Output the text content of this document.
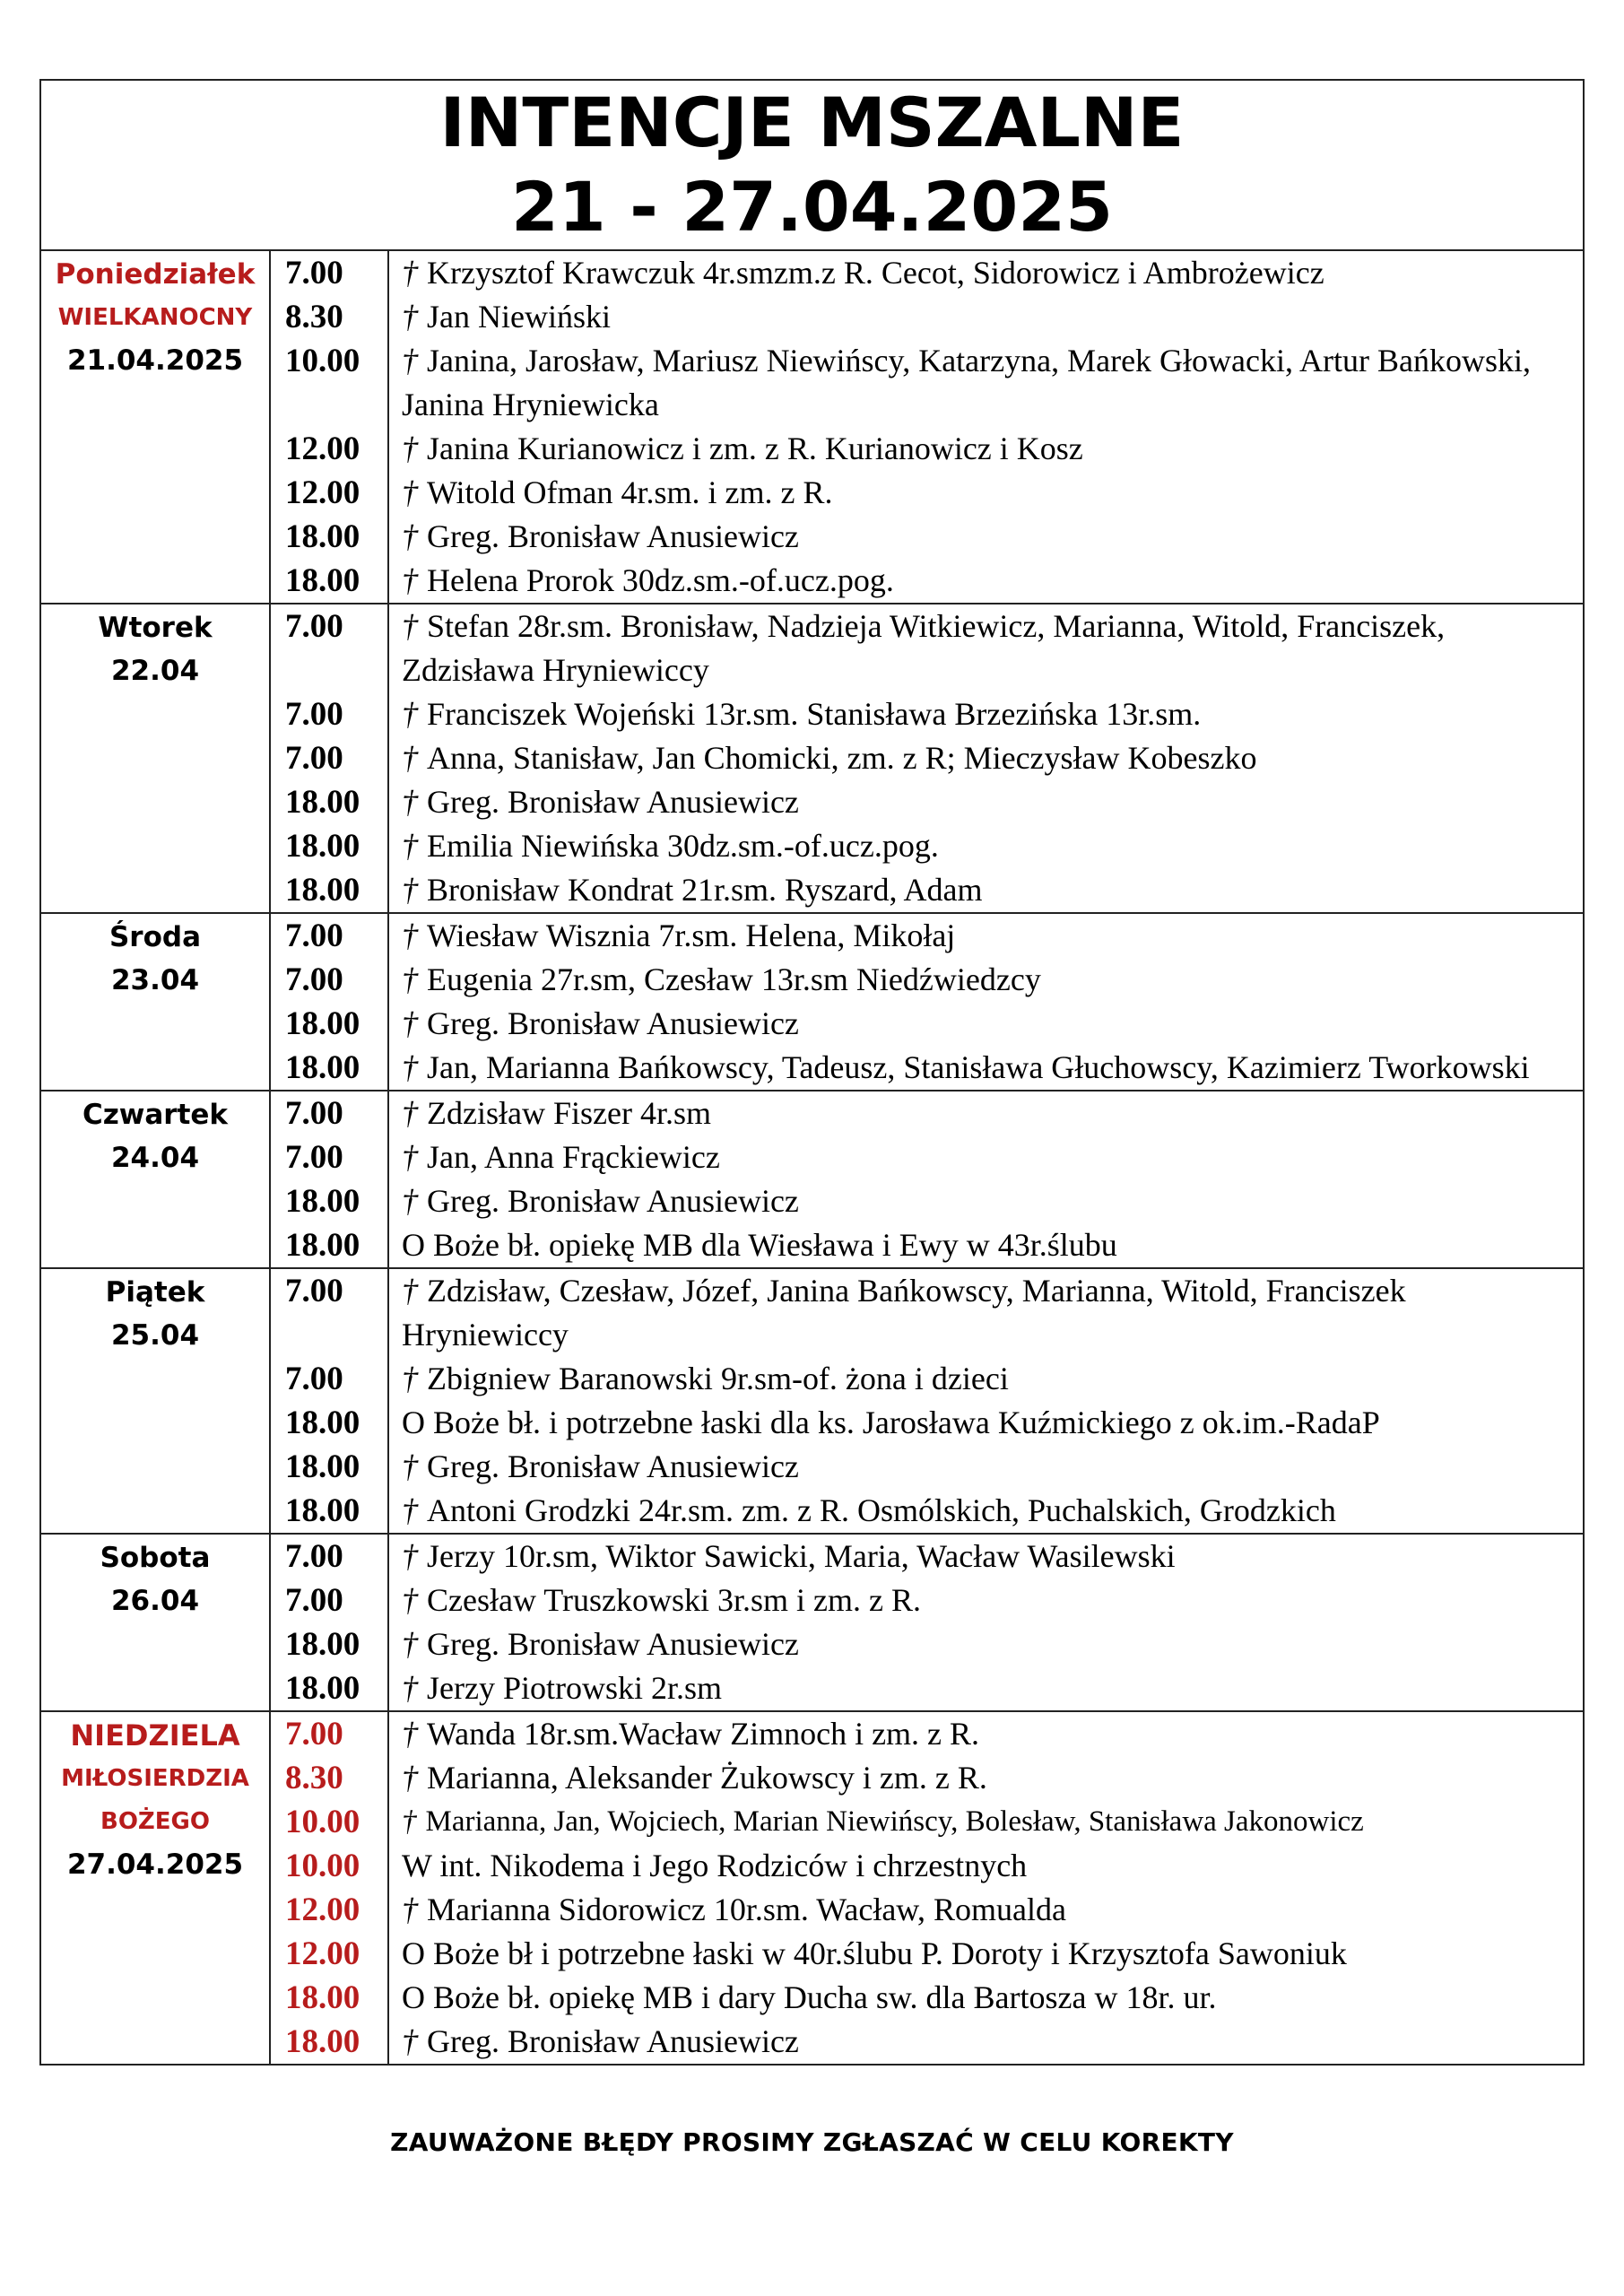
INTENCJE MSZALNE
21 - 27.04.2025
Poniedziałek
WIELKANOCNY
21.04.2025	7.00	† Krzysztof Krawczuk 4r.smzm.z R. Cecot, Sidorowicz i Ambrożewicz
	8.30	† Jan Niewiński
	10.00	† Janina, Jarosław, Mariusz Niewińscy, Katarzyna, Marek Głowacki, Artur Bańkowski, Janina Hryniewicka
	12.00	† Janina Kurianowicz i zm. z R. Kurianowicz i Kosz
	12.00	† Witold Ofman 4r.sm. i zm. z R.
	18.00	† Greg. Bronisław Anusiewicz
	18.00	† Helena Prorok 30dz.sm.-of.ucz.pog.

Wtorek
22.04	7.00	† Stefan 28r.sm. Bronisław, Nadzieja Witkiewicz, Marianna, Witold, Franciszek, Zdzisława Hryniewiccy
	7.00	† Franciszek Wojeński 13r.sm. Stanisława Brzezińska 13r.sm.
	7.00	† Anna, Stanisław, Jan Chomicki, zm. z R; Mieczysław Kobeszko
	18.00	† Greg. Bronisław Anusiewicz
	18.00	† Emilia Niewińska 30dz.sm.-of.ucz.pog.
	18.00	† Bronisław Kondrat 21r.sm. Ryszard, Adam

Środa
23.04	7.00	† Wiesław Wisznia 7r.sm. Helena, Mikołaj
	7.00	† Eugenia 27r.sm, Czesław 13r.sm Niedźwiedzcy
	18.00	† Greg. Bronisław Anusiewicz
	18.00	† Jan, Marianna Bańkowscy, Tadeusz, Stanisława Głuchowscy, Kazimierz Tworkowski

Czwartek
24.04	7.00	† Zdzisław Fiszer 4r.sm
	7.00	† Jan, Anna Frąckiewicz
	18.00	† Greg. Bronisław Anusiewicz
	18.00	O Boże bł. opiekę MB dla Wiesława i Ewy w 43r.ślubu

Piątek
25.04	7.00	† Zdzisław, Czesław, Józef, Janina Bańkowscy, Marianna, Witold, Franciszek Hryniewiccy
	7.00	† Zbigniew Baranowski 9r.sm-of. żona i dzieci
	18.00	O Boże bł. i potrzebne łaski dla ks. Jarosława Kuźmickiego z ok.im.-RadaP
	18.00	† Greg. Bronisław Anusiewicz
	18.00	† Antoni Grodzki 24r.sm. zm. z R. Osmólskich, Puchalskich, Grodzkich

Sobota
26.04	7.00	† Jerzy 10r.sm, Wiktor Sawicki, Maria, Wacław Wasilewski
	7.00	† Czesław Truszkowski 3r.sm i zm. z R.
	18.00	† Greg. Bronisław Anusiewicz
	18.00	† Jerzy Piotrowski 2r.sm

NIEDZIELA
MIŁOSIERDZIA
BOŻEGO
27.04.2025	7.00	† Wanda 18r.sm.Wacław Zimnoch i zm. z R.
	8.30	† Marianna, Aleksander Żukowscy i zm. z R.
	10.00	† Marianna, Jan, Wojciech, Marian Niewińscy, Bolesław, Stanisława Jakonowicz
	10.00	W int. Nikodema i Jego Rodziców i chrzestnych
	12.00	† Marianna Sidorowicz 10r.sm. Wacław, Romualda
	12.00	O Boże bł i potrzebne łaski w 40r.ślubu P. Doroty i Krzysztofa Sawoniuk
	18.00	O Boże bł. opiekę MB i dary Ducha sw. dla Bartosza w 18r. ur.
	18.00	† Greg. Bronisław Anusiewicz
ZAUWAŻONE BŁĘDY PROSIMY ZGŁASZAĆ W CELU KOREKTY
